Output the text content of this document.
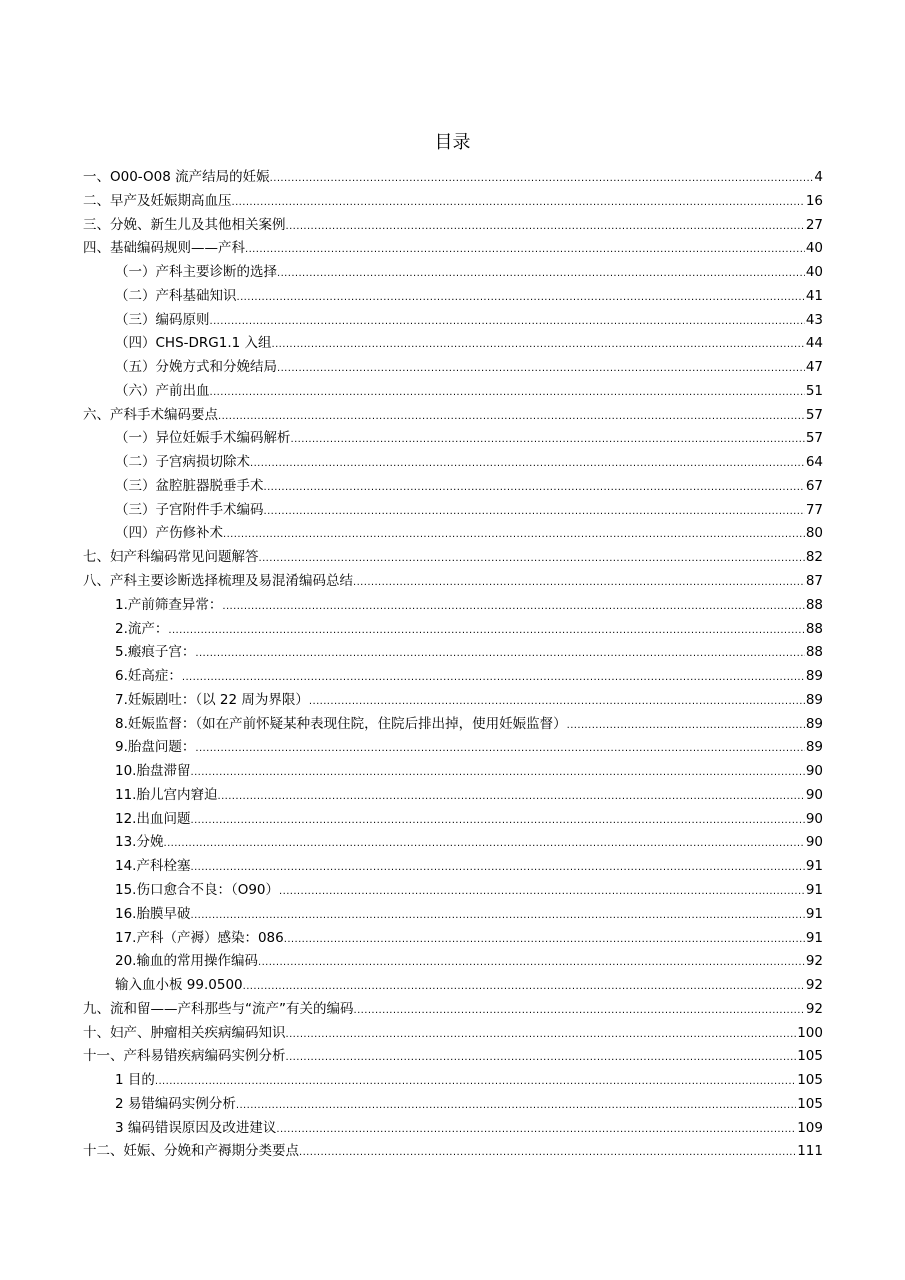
目录
一、O00-O08 流产结局的妊娠 .....	4
二、早产及妊娠期高血压 .....	16
三、分娩、新生儿及其他相关案例 .....	27
四、基础编码规则——产科 .....	40
（一）产科主要诊断的选择 .....	40
（二）产科基础知识 .....	41
（三）编码原则 .....	43
（四）CHS-DRG1.1 入组 .....	44
（五）分娩方式和分娩结局 .....	47
（六）产前出血 .....	51
六、产科手术编码要点 .....	57
（一）异位妊娠手术编码解析 .....	57
（二）子宫病损切除术 .....	64
（三）盆腔脏器脱垂手术 .....	67
（三）子宫附件手术编码 .....	77
（四）产伤修补术 .....	80
七、妇产科编码常见问题解答 .....	82
八、产科主要诊断选择梳理及易混淆编码总结 .....	87
1.产前筛查异常： .....	88
2.流产： .....	88
5.瘢痕子宫： .....	88
6.妊高症： .....	89
7.妊娠剧吐：（以 22 周为界限） .....	89
8.妊娠监督：（如在产前怀疑某种表现住院，住院后排出掉，使用妊娠监督） .....	89
9.胎盘问题： .....	89
10.胎盘滞留 .....	90
11.胎儿宫内窘迫 .....	90
12.出血问题 .....	90
13.分娩 .....	90
14.产科栓塞 .....	91
15.伤口愈合不良：（O90） .....	91
16.胎膜早破 .....	91
17.产科（产褥）感染：086 .....	91
20.输血的常用操作编码 .....	92
输入血小板 99.0500 .....	92
九、流和留——产科那些与“流产”有关的编码 .....	92
十、妇产、肿瘤相关疾病编码知识 .....	100
十一、产科易错疾病编码实例分析 .....	105
1 目的 .....	105
2 易错编码实例分析 .....	105
3 编码错误原因及改进建议 .....	109
十二、妊娠、分娩和产褥期分类要点 .....	111
